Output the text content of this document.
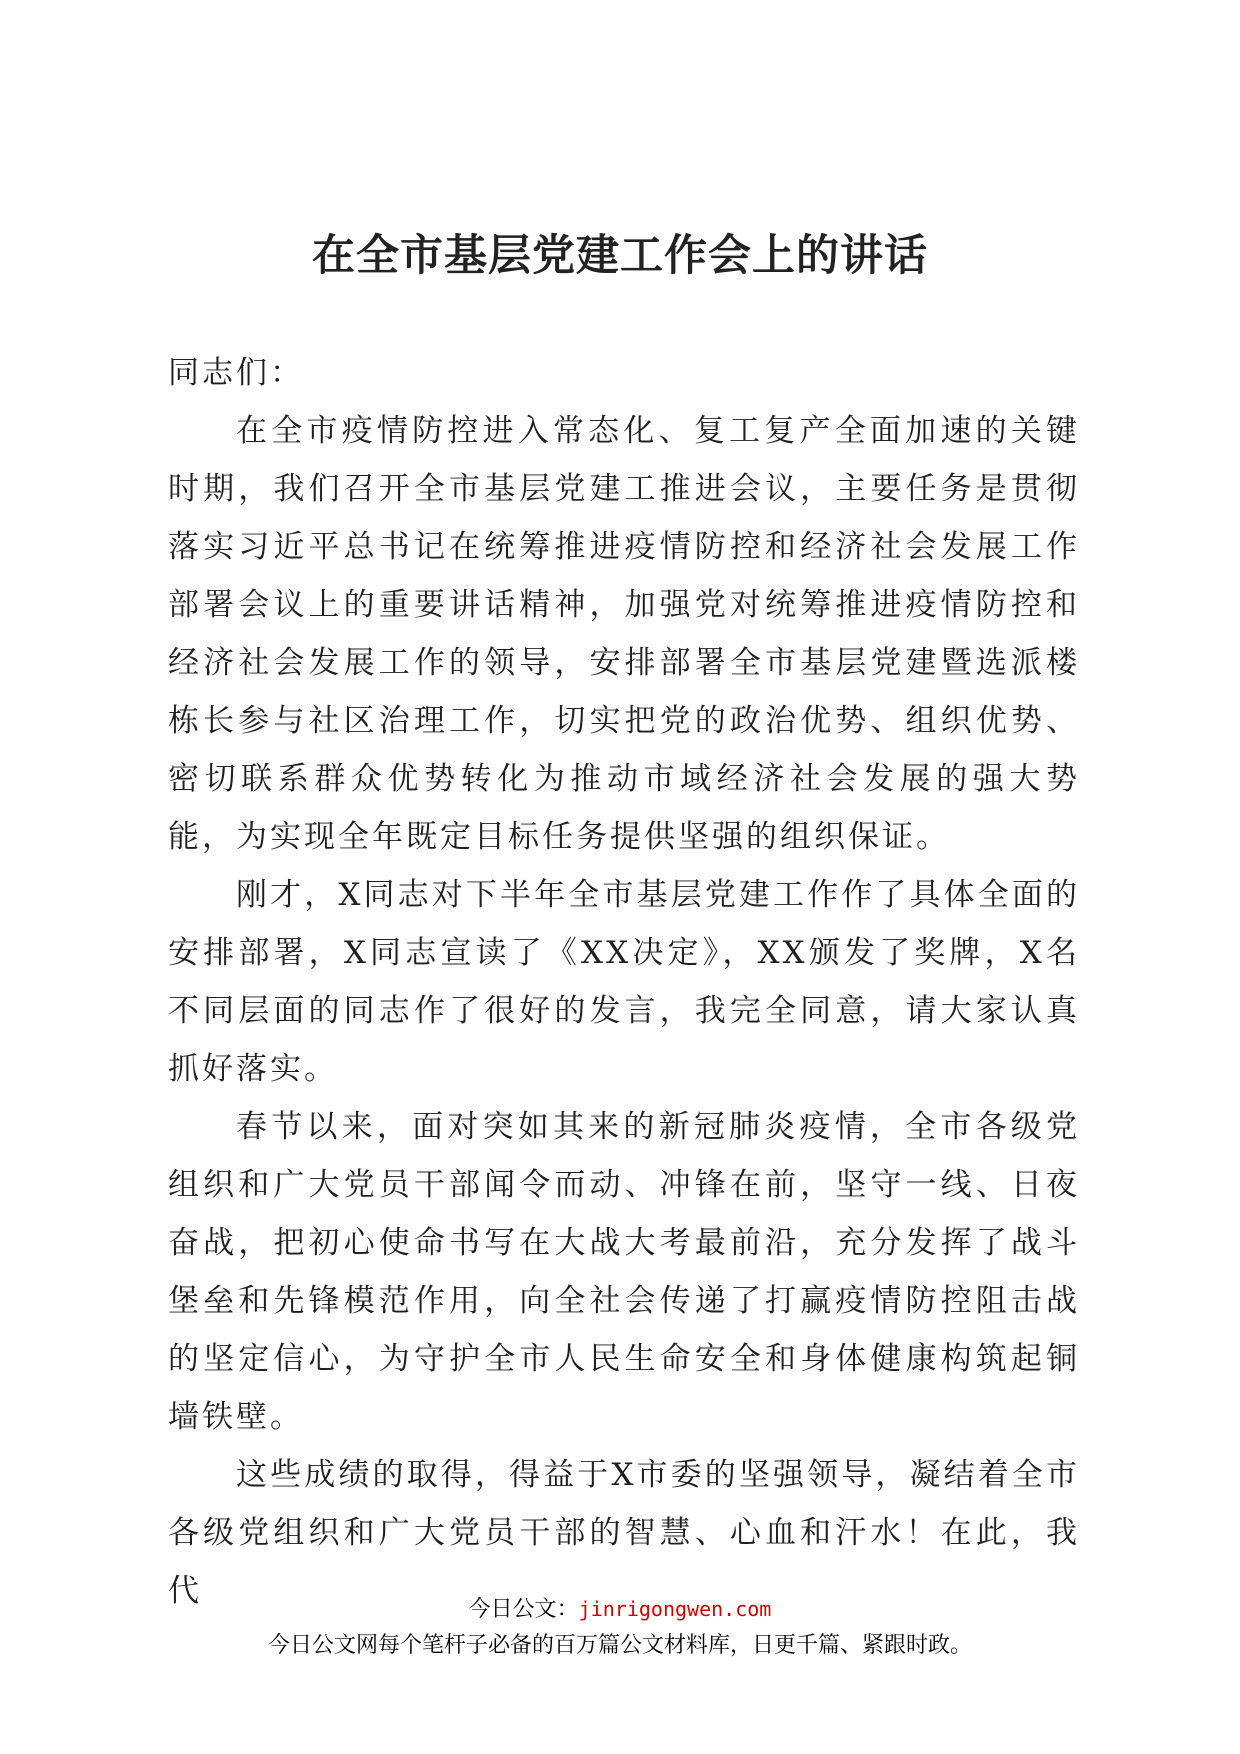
在全市基层党建工作会上的讲话

同志们：

在全市疫情防控进入常态化、复工复产全面加速的关键时期，我们召开全市基层党建工推进会议，主要任务是贯彻落实习近平总书记在统筹推进疫情防控和经济社会发展工作部署会议上的重要讲话精神，加强党对统筹推进疫情防控和经济社会发展工作的领导，安排部署全市基层党建暨选派楼栋长参与社区治理工作，切实把党的政治优势、组织优势、密切联系群众优势转化为推动市域经济社会发展的强大势能，为实现全年既定目标任务提供坚强的组织保证。

刚才，X同志对下半年全市基层党建工作作了具体全面的安排部署，X同志宣读了《XX决定》，XX颁发了奖牌，X名不同层面的同志作了很好的发言，我完全同意，请大家认真抓好落实。

春节以来，面对突如其来的新冠肺炎疫情，全市各级党组织和广大党员干部闻令而动、冲锋在前，坚守一线、日夜奋战，把初心使命书写在大战大考最前沿，充分发挥了战斗堡垒和先锋模范作用，向全社会传递了打赢疫情防控阻击战的坚定信心，为守护全市人民生命安全和身体健康构筑起铜墙铁壁。

这些成绩的取得，得益于X市委的坚强领导，凝结着全市各级党组织和广大党员干部的智慧、心血和汗水！在此，我代

今日公文：jinrigongwen.com
今日公文网每个笔杆子必备的百万篇公文材料库，日更千篇、紧跟时政。
